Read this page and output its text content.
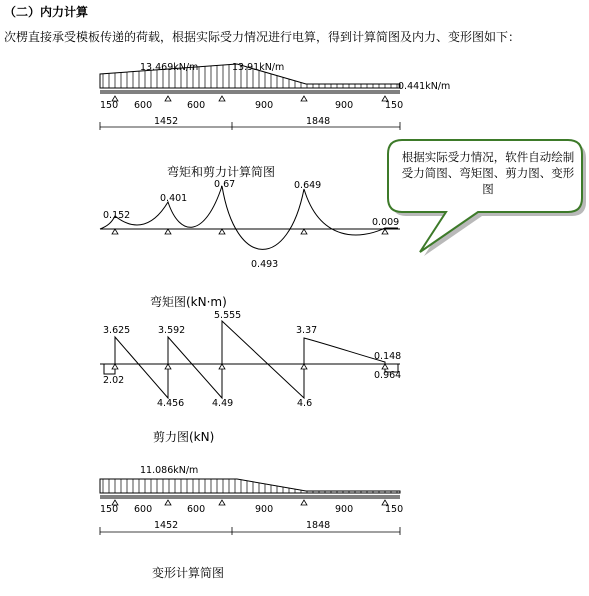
（二）内力计算
次楞直接承受模板传递的荷载，根据实际受力情况进行电算，得到计算简图及内力、变形图如下：
13.469kN/m	13.91kN/m
0.441kN/m
150 600	600	900	900	150
1452	1848
0.152
0.401
0.67	0.649
0.009
0.493
3.625	3.592
5.555
3.37
0.148
2.02
4.456	4.49	4.6
0.964
11.086kN/m
150 600	600	900	900	150
1452	1848
弯矩和剪力计算简图
弯矩图(kN·m)
剪力图(kN)
变形计算简图
根据实际受力情况，软件自动绘制受力简图、弯矩图、剪力图、变形图
